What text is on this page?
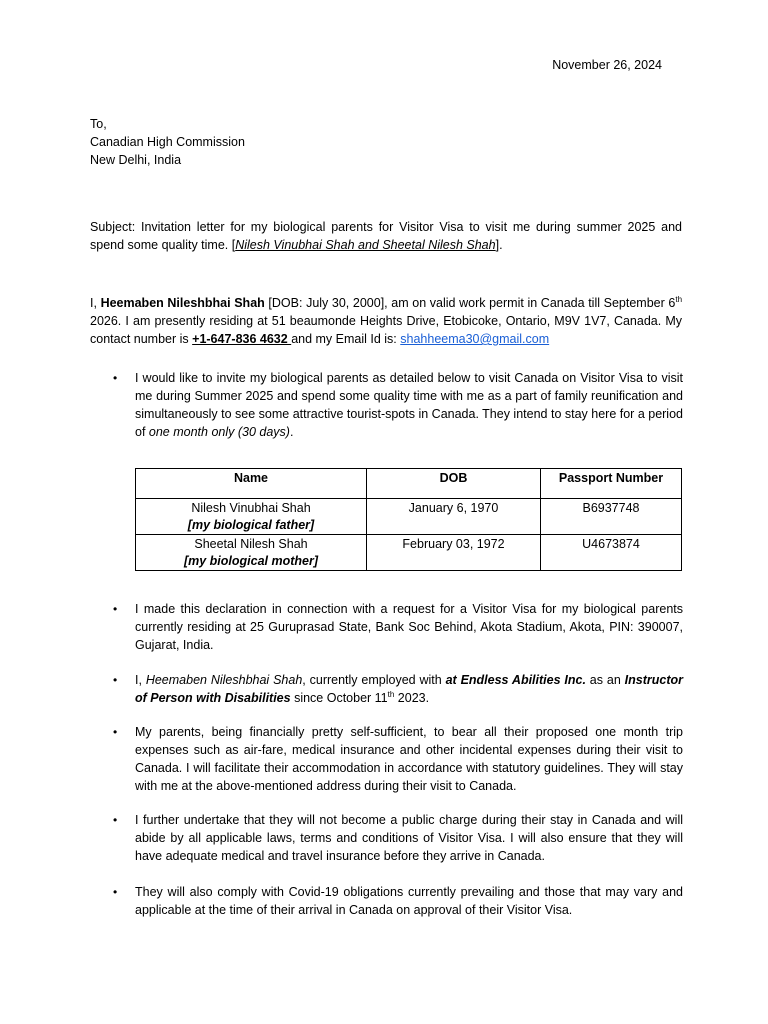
November 26, 2024
To,
Canadian High Commission
New Delhi, India
Subject: Invitation letter for my biological parents for Visitor Visa to visit me during summer 2025 and spend some quality time. [Nilesh Vinubhai Shah and Sheetal Nilesh Shah].
I, Heemaben Nileshbhai Shah [DOB: July 30, 2000], am on valid work permit in Canada till September 6th 2026. I am presently residing at 51 beaumonde Heights Drive, Etobicoke, Ontario, M9V 1V7, Canada. My contact number is +1-647-836 4632 and my Email Id is: shahheema30@gmail.com
•	I would like to invite my biological parents as detailed below to visit Canada on Visitor Visa to visit me during Summer 2025 and spend some quality time with me as a part of family reunification and simultaneously to see some attractive tourist-spots in Canada. They intend to stay here for a period of one month only (30 days).
Name	DOB	Passport Number

Nilesh Vinubhai Shah
[my biological father]	January 6, 1970	B6937748

Sheetal Nilesh Shah
[my biological mother]	February 03, 1972	U4673874
•	I made this declaration in connection with a request for a Visitor Visa for my biological parents currently residing at 25 Guruprasad State, Bank Soc Behind, Akota Stadium, Akota, PIN: 390007, Gujarat, India.
•	I, Heemaben Nileshbhai Shah, currently employed with at Endless Abilities Inc. as an Instructor of Person with Disabilities since October 11th 2023.
•	My parents, being financially pretty self-sufficient, to bear all their proposed one month trip expenses such as air-fare, medical insurance and other incidental expenses during their visit to Canada. I will facilitate their accommodation in accordance with statutory guidelines. They will stay with me at the above-mentioned address during their visit to Canada.
•	I further undertake that they will not become a public charge during their stay in Canada and will abide by all applicable laws, terms and conditions of Visitor Visa. I will also ensure that they will have adequate medical and travel insurance before they arrive in Canada.
•	They will also comply with Covid-19 obligations currently prevailing and those that may vary and applicable at the time of their arrival in Canada on approval of their Visitor Visa.
